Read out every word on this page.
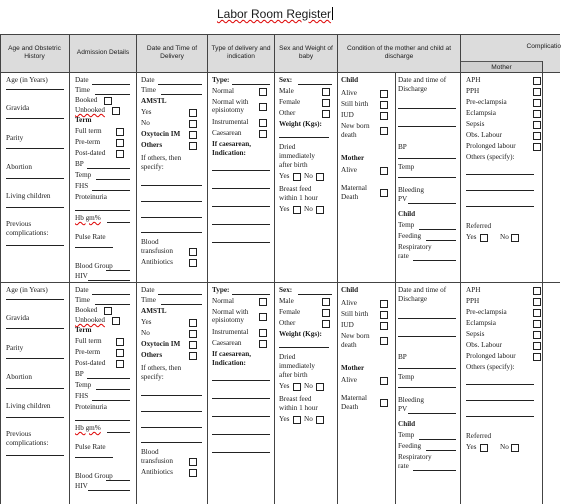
Labor Room Register
Age and Obstetric History
Admission Details
Date and Time of Delivery
Type of delivery and indication
Sex and Weight of baby
Condition of the mother and child at discharge
Complicatio
Mother
Age (in Years)
Gravida
Parity
Abortion
Living children
Previous
complications:
Date
Time
Booked
Unbooked
Term
Full term
Pre-term
Post-dated
BP
Temp
FHS
Proteinuria
Hb gm%
Pulse Rate
Date
Time
AMSTL
Yes
No
Oxytocin IM
Others
If others, then
specify:
Blood
Type:
Normal
Normal with
episiotomy
Instrumental
Caesarean
If caesarean,
Indication:
Sex:
Male
Female
Other
Weight (Kgs):
Dried
immediately
after birth
Yes No
Breast feed
within 1 hour
Yes No
Child
Alive
Still birth
IUD
New born
death
Mother
Alive
Maternal
Death
Date and time of
Discharge
BP
Temp
Bleeding
PV
Child
Temp
Feeding
APH
PPH
Pre-eclampsia
Eclampsia
Sepsis
Obs. Labour
Prolonged labour
Others (specify):
Referred
Yes	No
transfusion
Antibiotics
Blood Group
HIV
Respiratory
rate
Age (in Years)
Gravida
Parity
Abortion
Living children
Previous
complications:
Date
Time
Booked
Unbooked
Term
Full term
Pre-term
Post-dated
BP
Temp
FHS
Proteinuria
Hb gm%
Pulse Rate
Date
Time
AMSTL
Yes
No
Oxytocin IM
Others
If others, then
specify:
Blood
Type:
Normal
Normal with
episiotomy
Instrumental
Caesarean
If caesarean,
Indication:
Sex:
Male
Female
Other
Weight (Kgs):
Dried
immediately
after birth
Yes No
Breast feed
within 1 hour
Yes No
Child
Alive
Still birth
IUD
New born
death
Mother
Alive
Maternal
Death
Date and time of
Discharge
BP
Temp
Bleeding
PV
Child
Temp
Feeding
APH
PPH
Pre-eclampsia
Eclampsia
Sepsis
Obs. Labour
Prolonged labour
Others (specify):
Referred
Yes	No
transfusion
Antibiotics
Blood Group
HIV
Respiratory
rate
